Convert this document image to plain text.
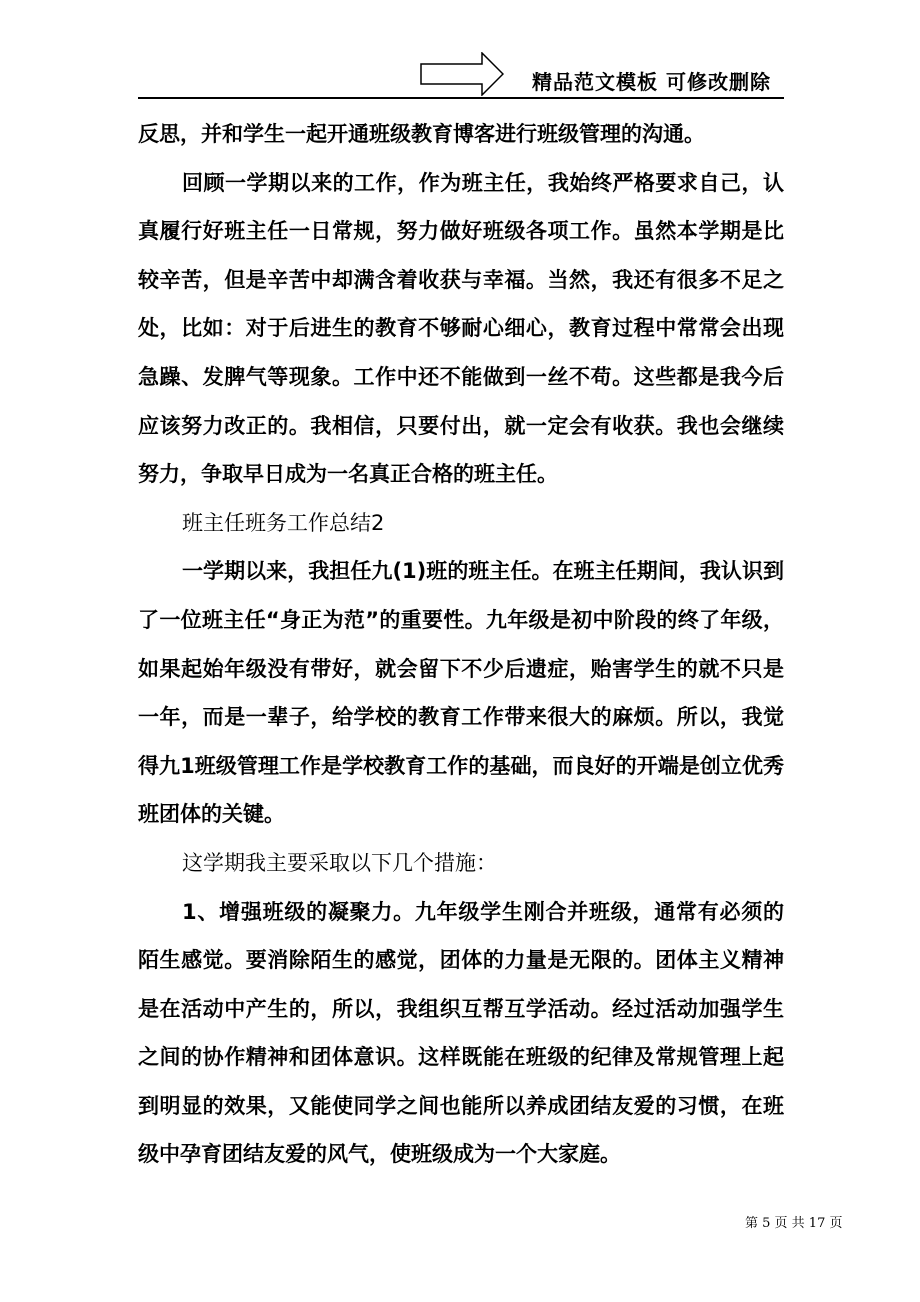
精品范文模板 可修改删除

反思，并和学生一起开通班级教育博客进行班级管理的沟通。

回顾一学期以来的工作，作为班主任，我始终严格要求自己，认真履行好班主任一日常规，努力做好班级各项工作。虽然本学期是比较辛苦，但是辛苦中却满含着收获与幸福。当然，我还有很多不足之处，比如：对于后进生的教育不够耐心细心，教育过程中常常会出现急躁、发脾气等现象。工作中还不能做到一丝不苟。这些都是我今后应该努力改正的。我相信，只要付出，就一定会有收获。我也会继续努力，争取早日成为一名真正合格的班主任。

班主任班务工作总结2

一学期以来，我担任九(1)班的班主任。在班主任期间，我认识到了一位班主任“身正为范”的重要性。九年级是初中阶段的终了年级，如果起始年级没有带好，就会留下不少后遗症，贻害学生的就不只是一年，而是一辈子，给学校的教育工作带来很大的麻烦。所以，我觉得九1班级管理工作是学校教育工作的基础，而良好的开端是创立优秀班团体的关键。

这学期我主要采取以下几个措施：

1、增强班级的凝聚力。九年级学生刚合并班级，通常有必须的陌生感觉。要消除陌生的感觉，团体的力量是无限的。团体主义精神是在活动中产生的，所以，我组织互帮互学活动。经过活动加强学生之间的协作精神和团体意识。这样既能在班级的纪律及常规管理上起到明显的效果，又能使同学之间也能所以养成团结友爱的习惯，在班级中孕育团结友爱的风气，使班级成为一个大家庭。

第 5 页 共 17 页
